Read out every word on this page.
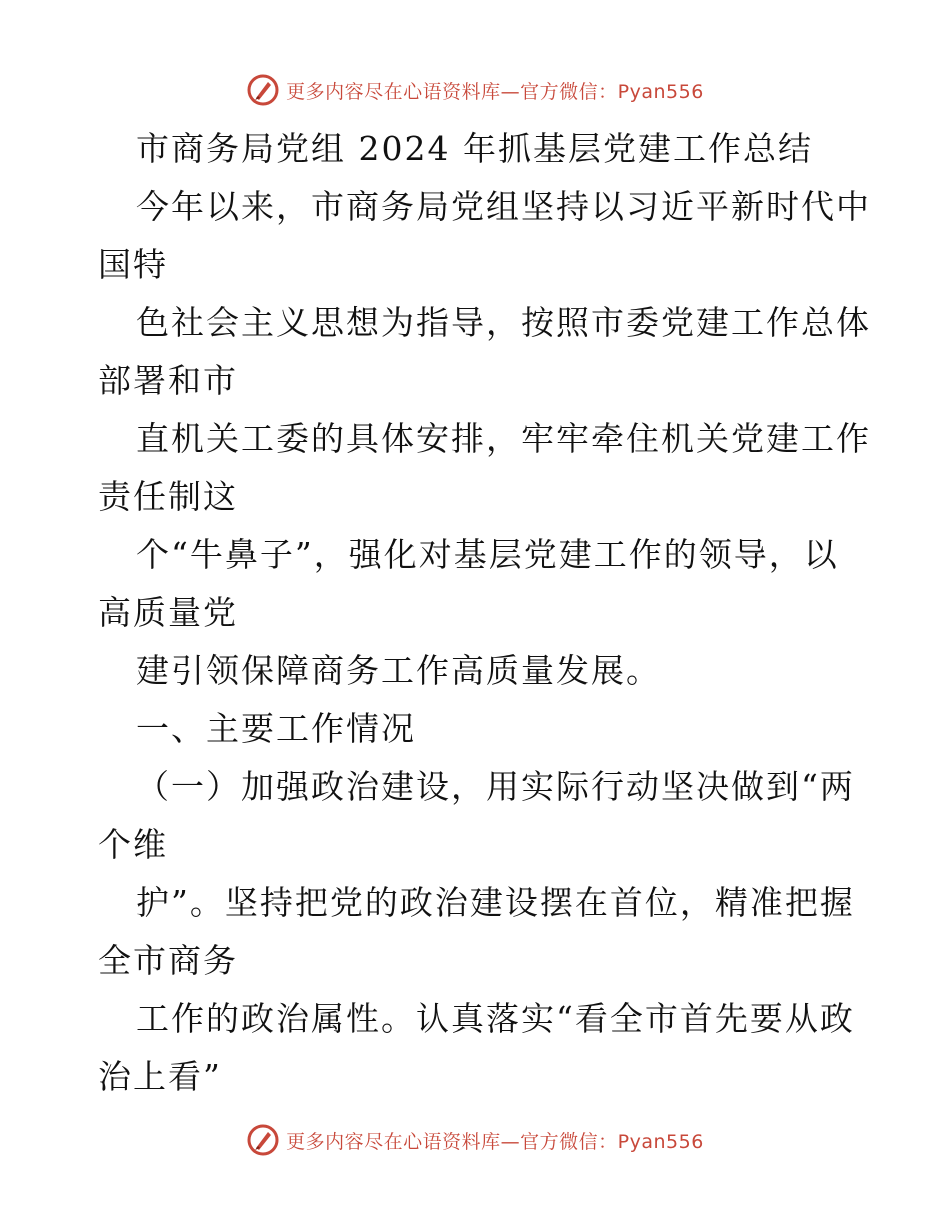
更多内容尽在心语资料库—官方微信：Pyan556
市商务局党组 2024 年抓基层党建工作总结
今年以来，市商务局党组坚持以习近平新时代中
国特
色社会主义思想为指导，按照市委党建工作总体
部署和市
直机关工委的具体安排，牢牢牵住机关党建工作
责任制这
个“牛鼻子”，强化对基层党建工作的领导，以
高质量党
建引领保障商务工作高质量发展。
一、主要工作情况
（一）加强政治建设，用实际行动坚决做到“两
个维
护”。坚持把党的政治建设摆在首位，精准把握
全市商务
工作的政治属性。认真落实“看全市首先要从政
治上看”
更多内容尽在心语资料库—官方微信：Pyan556
